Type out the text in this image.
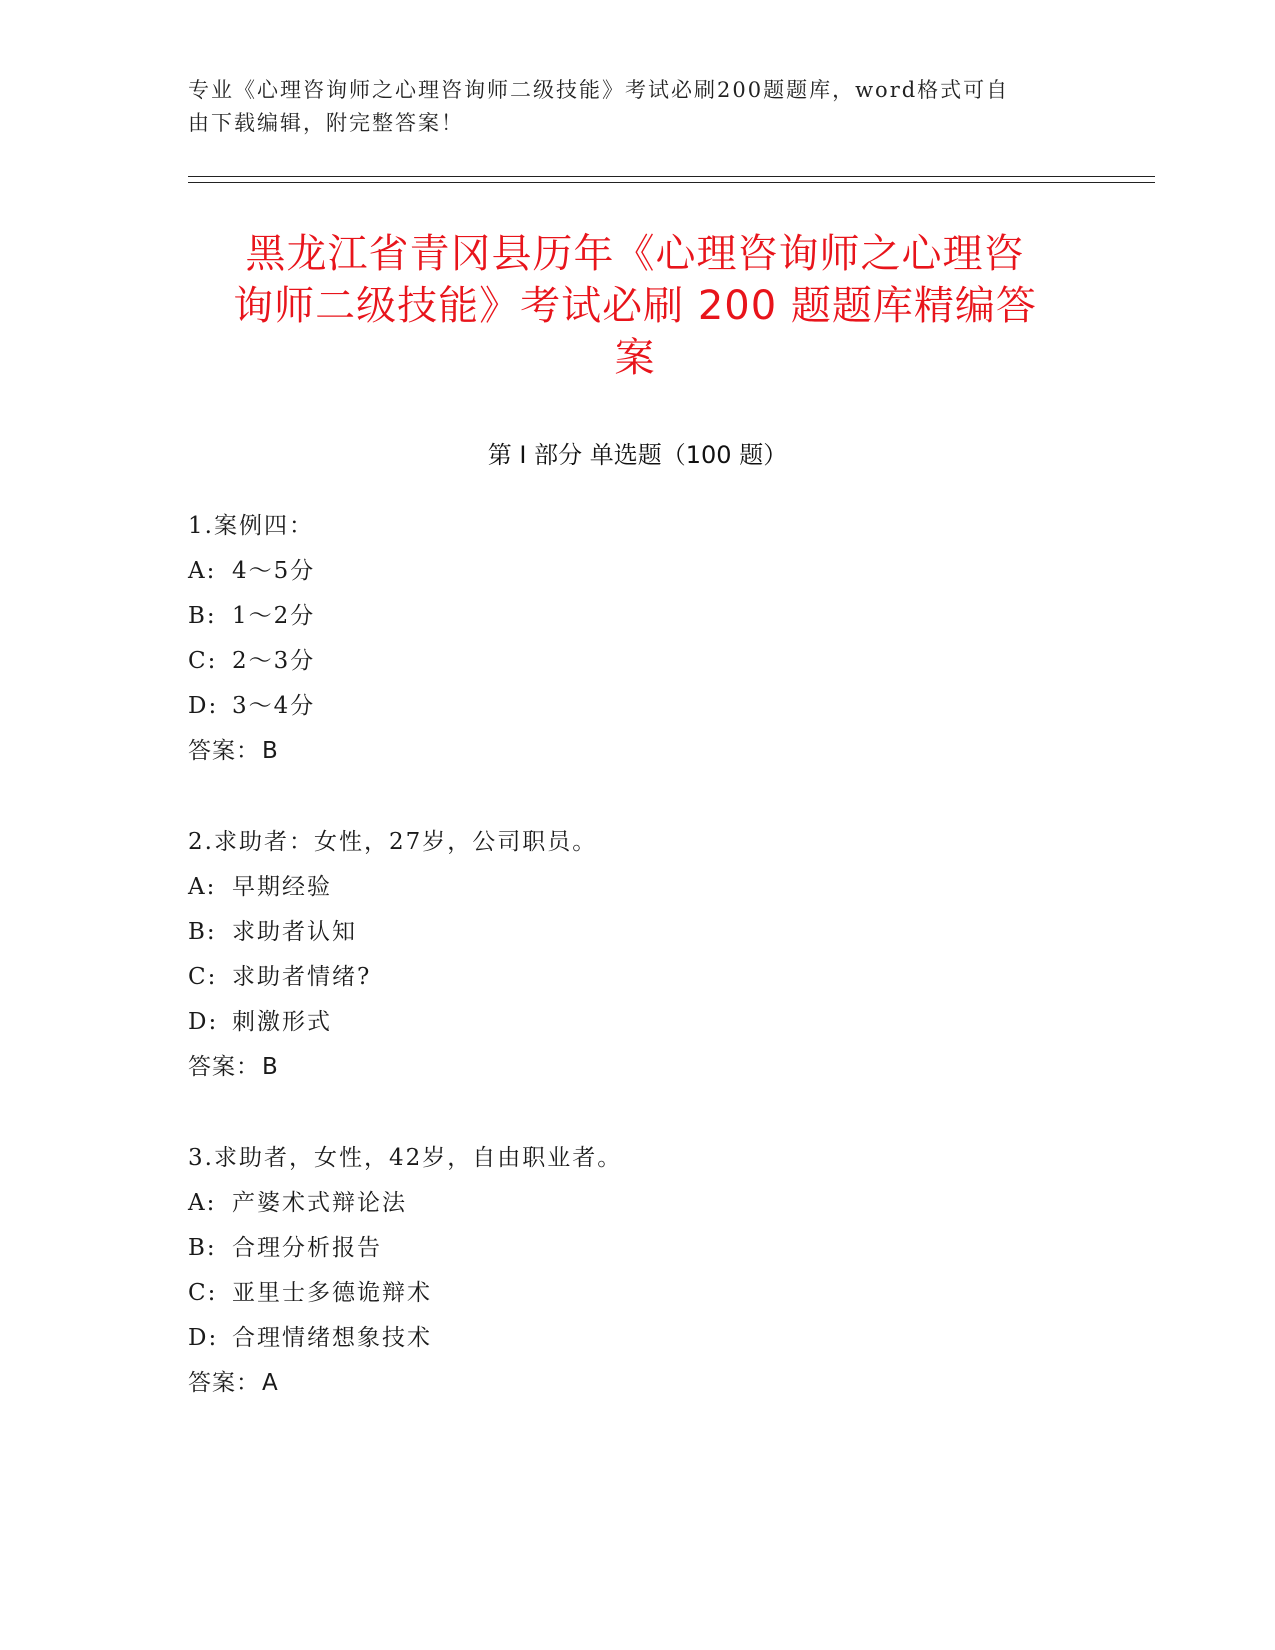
专业《心理咨询师之心理咨询师二级技能》考试必刷200题题库，word格式可自
由下载编辑，附完整答案！
黑龙江省青冈县历年《心理咨询师之心理咨
询师二级技能》考试必刷 200 题题库精编答
案
第 I 部分 单选题（100 题）
1.案例四：
A: 4～5分
B: 1～2分
C: 2～3分
D: 3～4分
答案：B
2.求助者：女性，27岁，公司职员。
A: 早期经验
B: 求助者认知
C: 求助者情绪?
D: 刺激形式
答案：B
3.求助者，女性，42岁，自由职业者。
A: 产婆术式辩论法
B: 合理分析报告
C: 亚里士多德诡辩术
D: 合理情绪想象技术
答案：A
